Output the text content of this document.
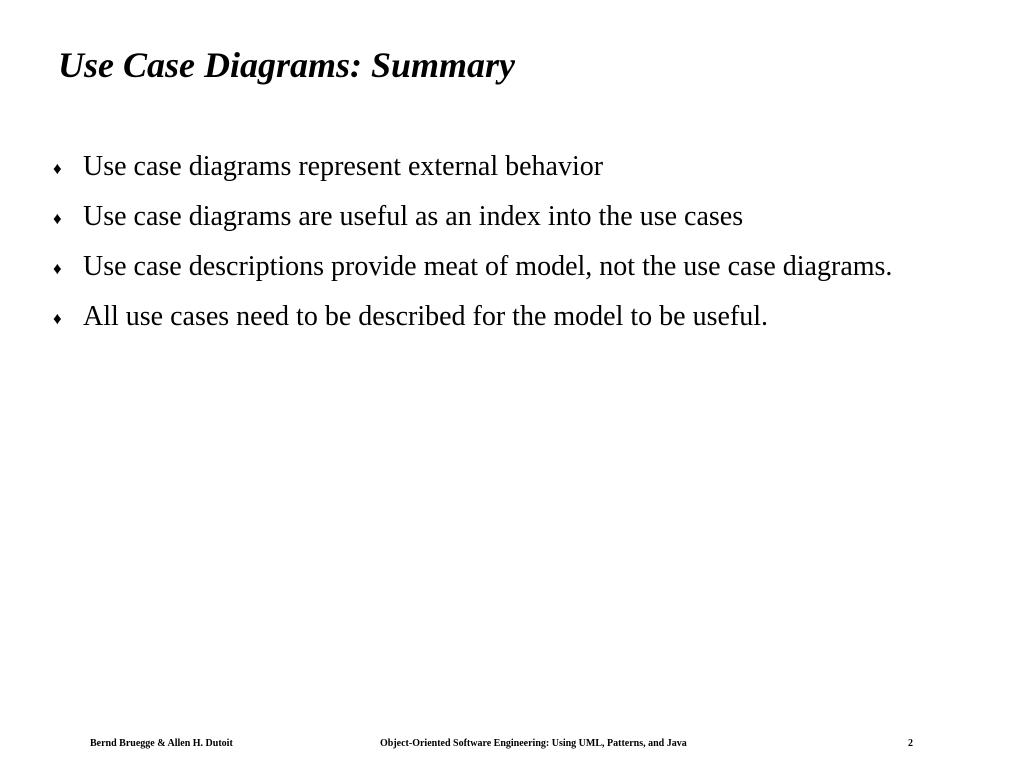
Use Case Diagrams: Summary
♦ Use case diagrams represent external behavior
♦ Use case diagrams are useful as an index into the use cases
♦ Use case descriptions provide meat of model, not the use case diagrams.
♦ All use cases need to be described for the model to be useful.
Bernd Bruegge & Allen H. Dutoit	Object-Oriented Software Engineering: Using UML, Patterns, and Java	2
